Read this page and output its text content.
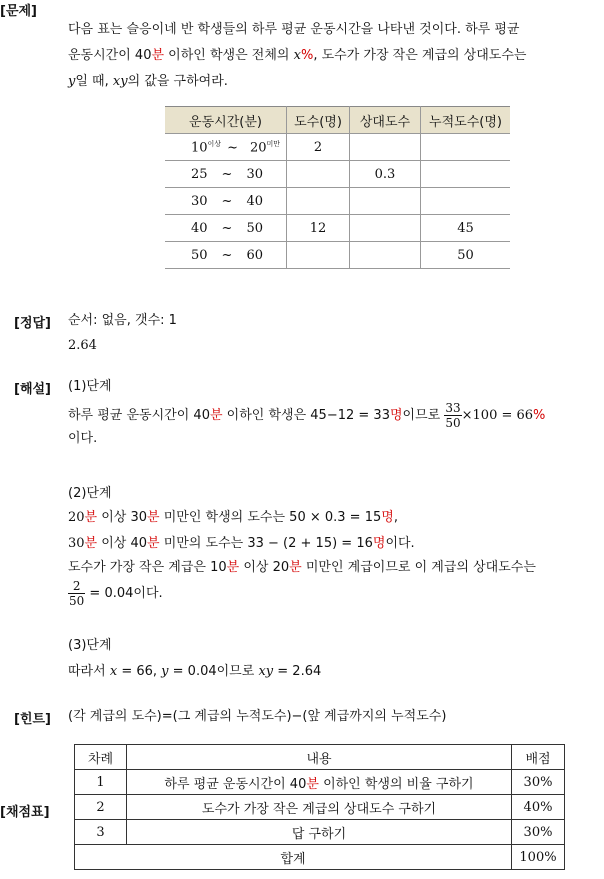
[문제]
다음 표는 슬응이네 반 학생들의 하루 평균 운동시간을 나타낸 것이다. 하루 평균
운동시간이 40분 이하인 학생은 전체의 x%, 도수가 가장 작은 계급의 상대도수는
y일 때, xy의 값을 구하여라.
운동시간(분)	도수(명)	상대도수	누적도수(명)
$10^{이상}$ ~ $20^{미만}$	2		
25 ~ 30		0.3	
30 ~ 40			
40 ~ 50	12		45
50 ~ 60			50
[정답] 순서: 없음, 갯수: 1
2.64
[해설] (1)단계
하루 평균 운동시간이 40분 이하인 학생은 45−12 = 33명이므로 $\frac{33}{50} \times 100 = 66\%$
이다.
(2)단계
20분 이상 30분 미만인 학생의 도수는 50 × 0.3 = 15명,
30분 이상 40분 미만의 도수는 33 − (2 + 15) = 16명이다.
도수가 가장 작은 계급은 10분 이상 20분 미만인 계급이므로 이 계급의 상대도수는
$\frac{2}{50} = 0.04$이다.
(3)단계
따라서 x = 66, y = 0.04이므로 xy = 2.64
[힌트] (각 계급의 도수)=(그 계급의 누적도수)−(앞 계급까지의 누적도수)
[채점표]
차례	내용	배점
1	하루 평균 운동시간이 40분 이하인 학생의 비율 구하기	30%
2	도수가 가장 작은 계급의 상대도수 구하기	40%
3	답 구하기	30%
합계		100%
